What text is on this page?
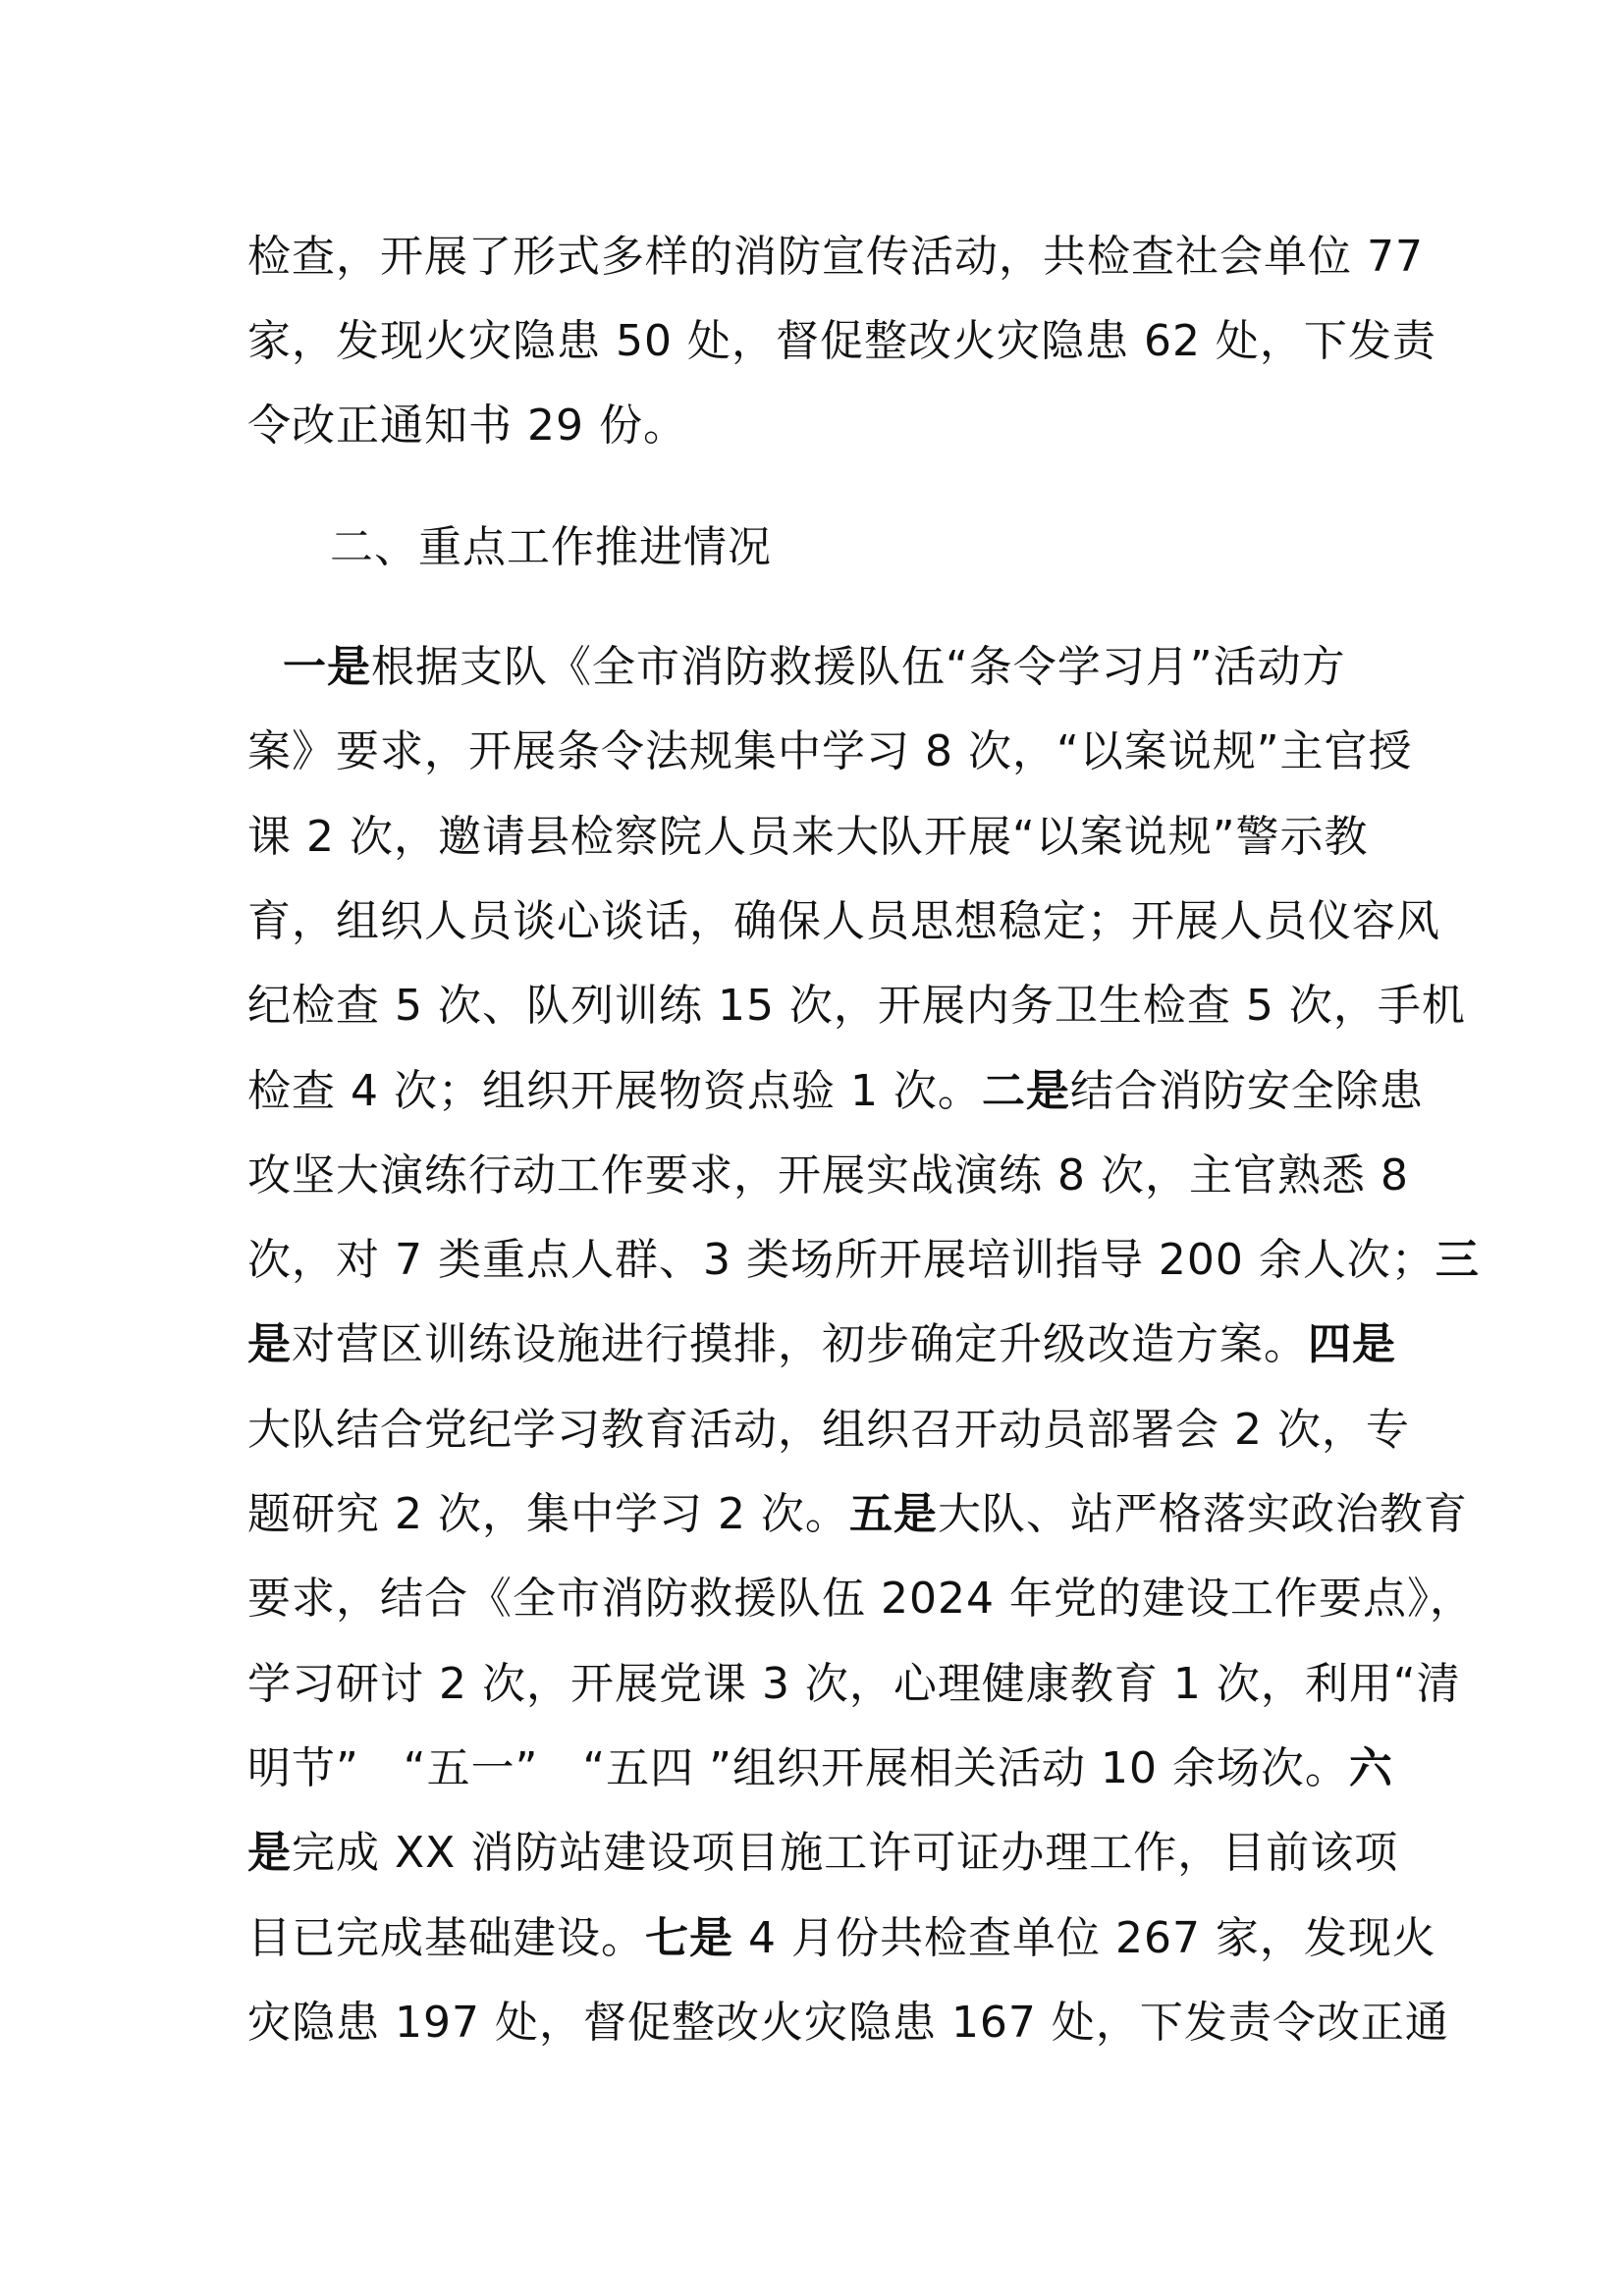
检查，开展了形式多样的消防宣传活动，共检查社会单位 77
家，发现火灾隐患 50 处，督促整改火灾隐患 62 处，下发责
令改正通知书 29 份。
二、重点工作推进情况
一是根据支队《全市消防救援队伍“条令学习月”活动方
案》要求，开展条令法规集中学习 8 次，“以案说规”主官授
课 2 次，邀请县检察院人员来大队开展“以案说规”警示教
育，组织人员谈心谈话，确保人员思想稳定；开展人员仪容风
纪检查 5 次、队列训练 15 次，开展内务卫生检查 5 次，手机
检查 4 次；组织开展物资点验 1 次。二是结合消防安全除患
攻坚大演练行动工作要求，开展实战演练 8 次，主官熟悉 8
次，对 7 类重点人群、3 类场所开展培训指导 200 余人次；三
是对营区训练设施进行摸排，初步确定升级改造方案。四是
大队结合党纪学习教育活动，组织召开动员部署会 2 次，专
题研究 2 次，集中学习 2 次。五是大队、站严格落实政治教育
要求，结合《全市消防救援队伍 2024 年党的建设工作要点》，
学习研讨 2 次，开展党课 3 次，心理健康教育 1 次，利用“清
明节”　“五一”　“五四 ”组织开展相关活动 10 余场次。六
是完成 XX 消防站建设项目施工许可证办理工作，目前该项
目已完成基础建设。七是 4 月份共检查单位 267 家，发现火
灾隐患 197 处，督促整改火灾隐患 167 处，下发责令改正通
